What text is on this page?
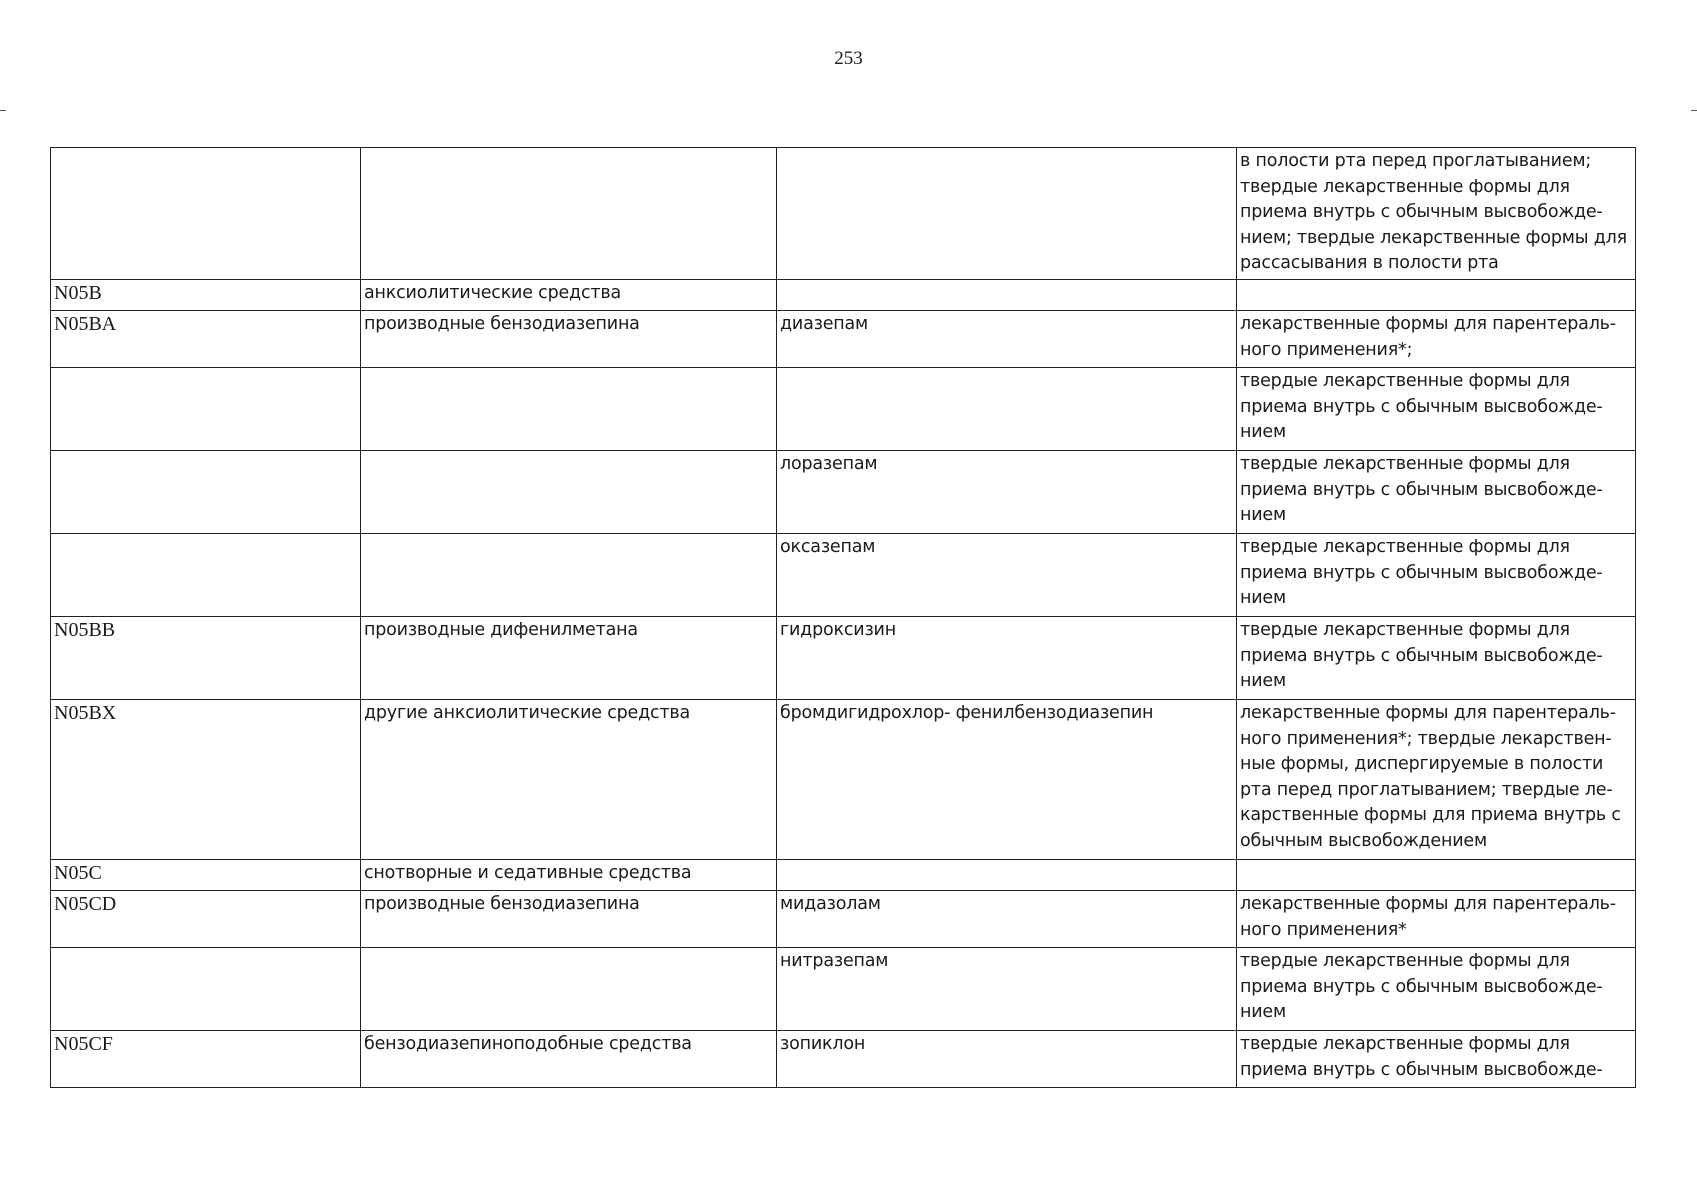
253
			в полости рта перед проглатыванием; твердые лекарственные формы для приема внутрь с обычным высвобожде-нием; твердые лекарственные формы для рассасывания в полости рта
N05B	анксиолитические средства		
N05BA	производные бензодиазепина	диазепам	лекарственные формы для парентераль-ного применения*;
			твердые лекарственные формы для приема внутрь с обычным высвобожде-нием
		лоразепам	твердые лекарственные формы для приема внутрь с обычным высвобожде-нием
		оксазепам	твердые лекарственные формы для приема внутрь с обычным высвобожде-нием
N05BB	производные дифенилметана	гидроксизин	твердые лекарственные формы для приема внутрь с обычным высвобожде-нием
N05BX	другие анксиолитические средства	бромдигидрохлор- фенилбензодиазепин	лекарственные формы для парентераль-ного применения*; твердые лекарствен-ные формы, диспергируемые в полости рта перед проглатыванием; твердые ле-карственные формы для приема внутрь с обычным высвобождением
N05C	снотворные и седативные средства		
N05CD	производные бензодиазепина	мидазолам	лекарственные формы для парентераль-ного применения*
		нитразепам	твердые лекарственные формы для приема внутрь с обычным высвобожде-нием
N05CF	бензодиазепиноподобные средства	зопиклон	твердые лекарственные формы для приема внутрь с обычным высвобожде-
